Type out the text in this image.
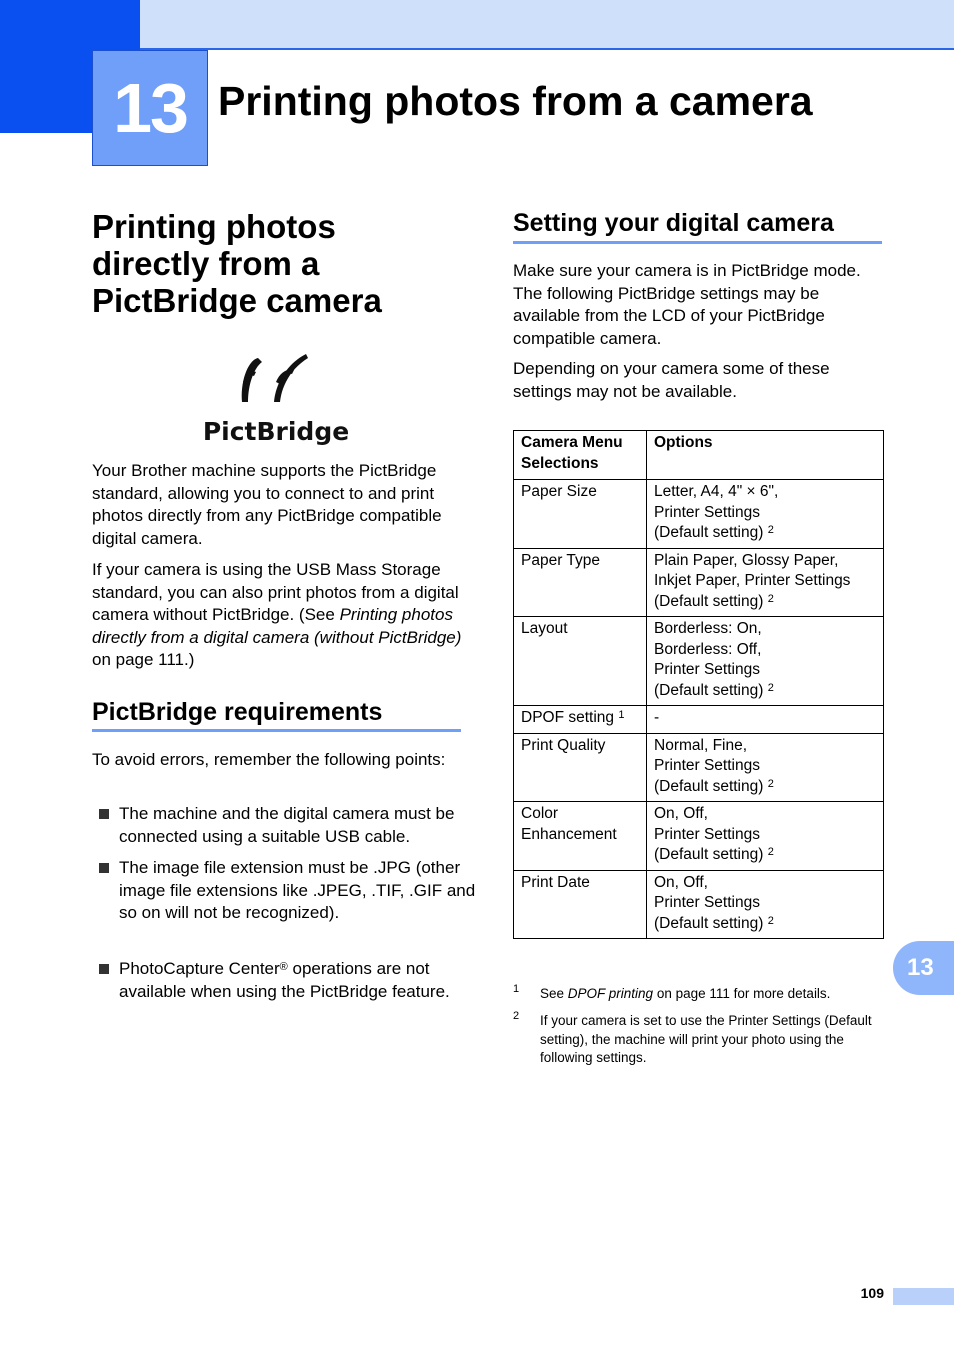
13 Printing photos from a camera
Printing photos directly from a PictBridge camera
PictBridge
Your Brother machine supports the PictBridge standard, allowing you to connect to and print photos directly from any PictBridge compatible digital camera.
If your camera is using the USB Mass Storage standard, you can also print photos from a digital camera without PictBridge. (See Printing photos directly from a digital camera (without PictBridge) on page 111.)
PictBridge requirements
To avoid errors, remember the following points:
The machine and the digital camera must be connected using a suitable USB cable.
The image file extension must be .JPG (other image file extensions like .JPEG, .TIF, .GIF and so on will not be recognized).
PhotoCapture Center® operations are not available when using the PictBridge feature.
Setting your digital camera
Make sure your camera is in PictBridge mode. The following PictBridge settings may be available from the LCD of your PictBridge compatible camera.
Depending on your camera some of these settings may not be available.
Camera Menu Selections	Options
Paper Size	Letter, A4, 4" × 6",
Printer Settings
(Default setting) $^2$
Paper Type	Plain Paper, Glossy Paper,
Inkjet Paper, Printer Settings
(Default setting) $^2$
Layout	Borderless: On,
Borderless: Off,
Printer Settings
(Default setting) $^2$
DPOF setting $^1$	-
Print Quality	Normal, Fine,
Printer Settings
(Default setting) $^2$
Color Enhancement	On, Off,
Printer Settings
(Default setting) $^2$
Print Date	On, Off,
Printer Settings
(Default setting) $^2$
1 See DPOF printing on page 111 for more details.
2 If your camera is set to use the Printer Settings (Default setting), the machine will print your photo using the following settings.
13
109
